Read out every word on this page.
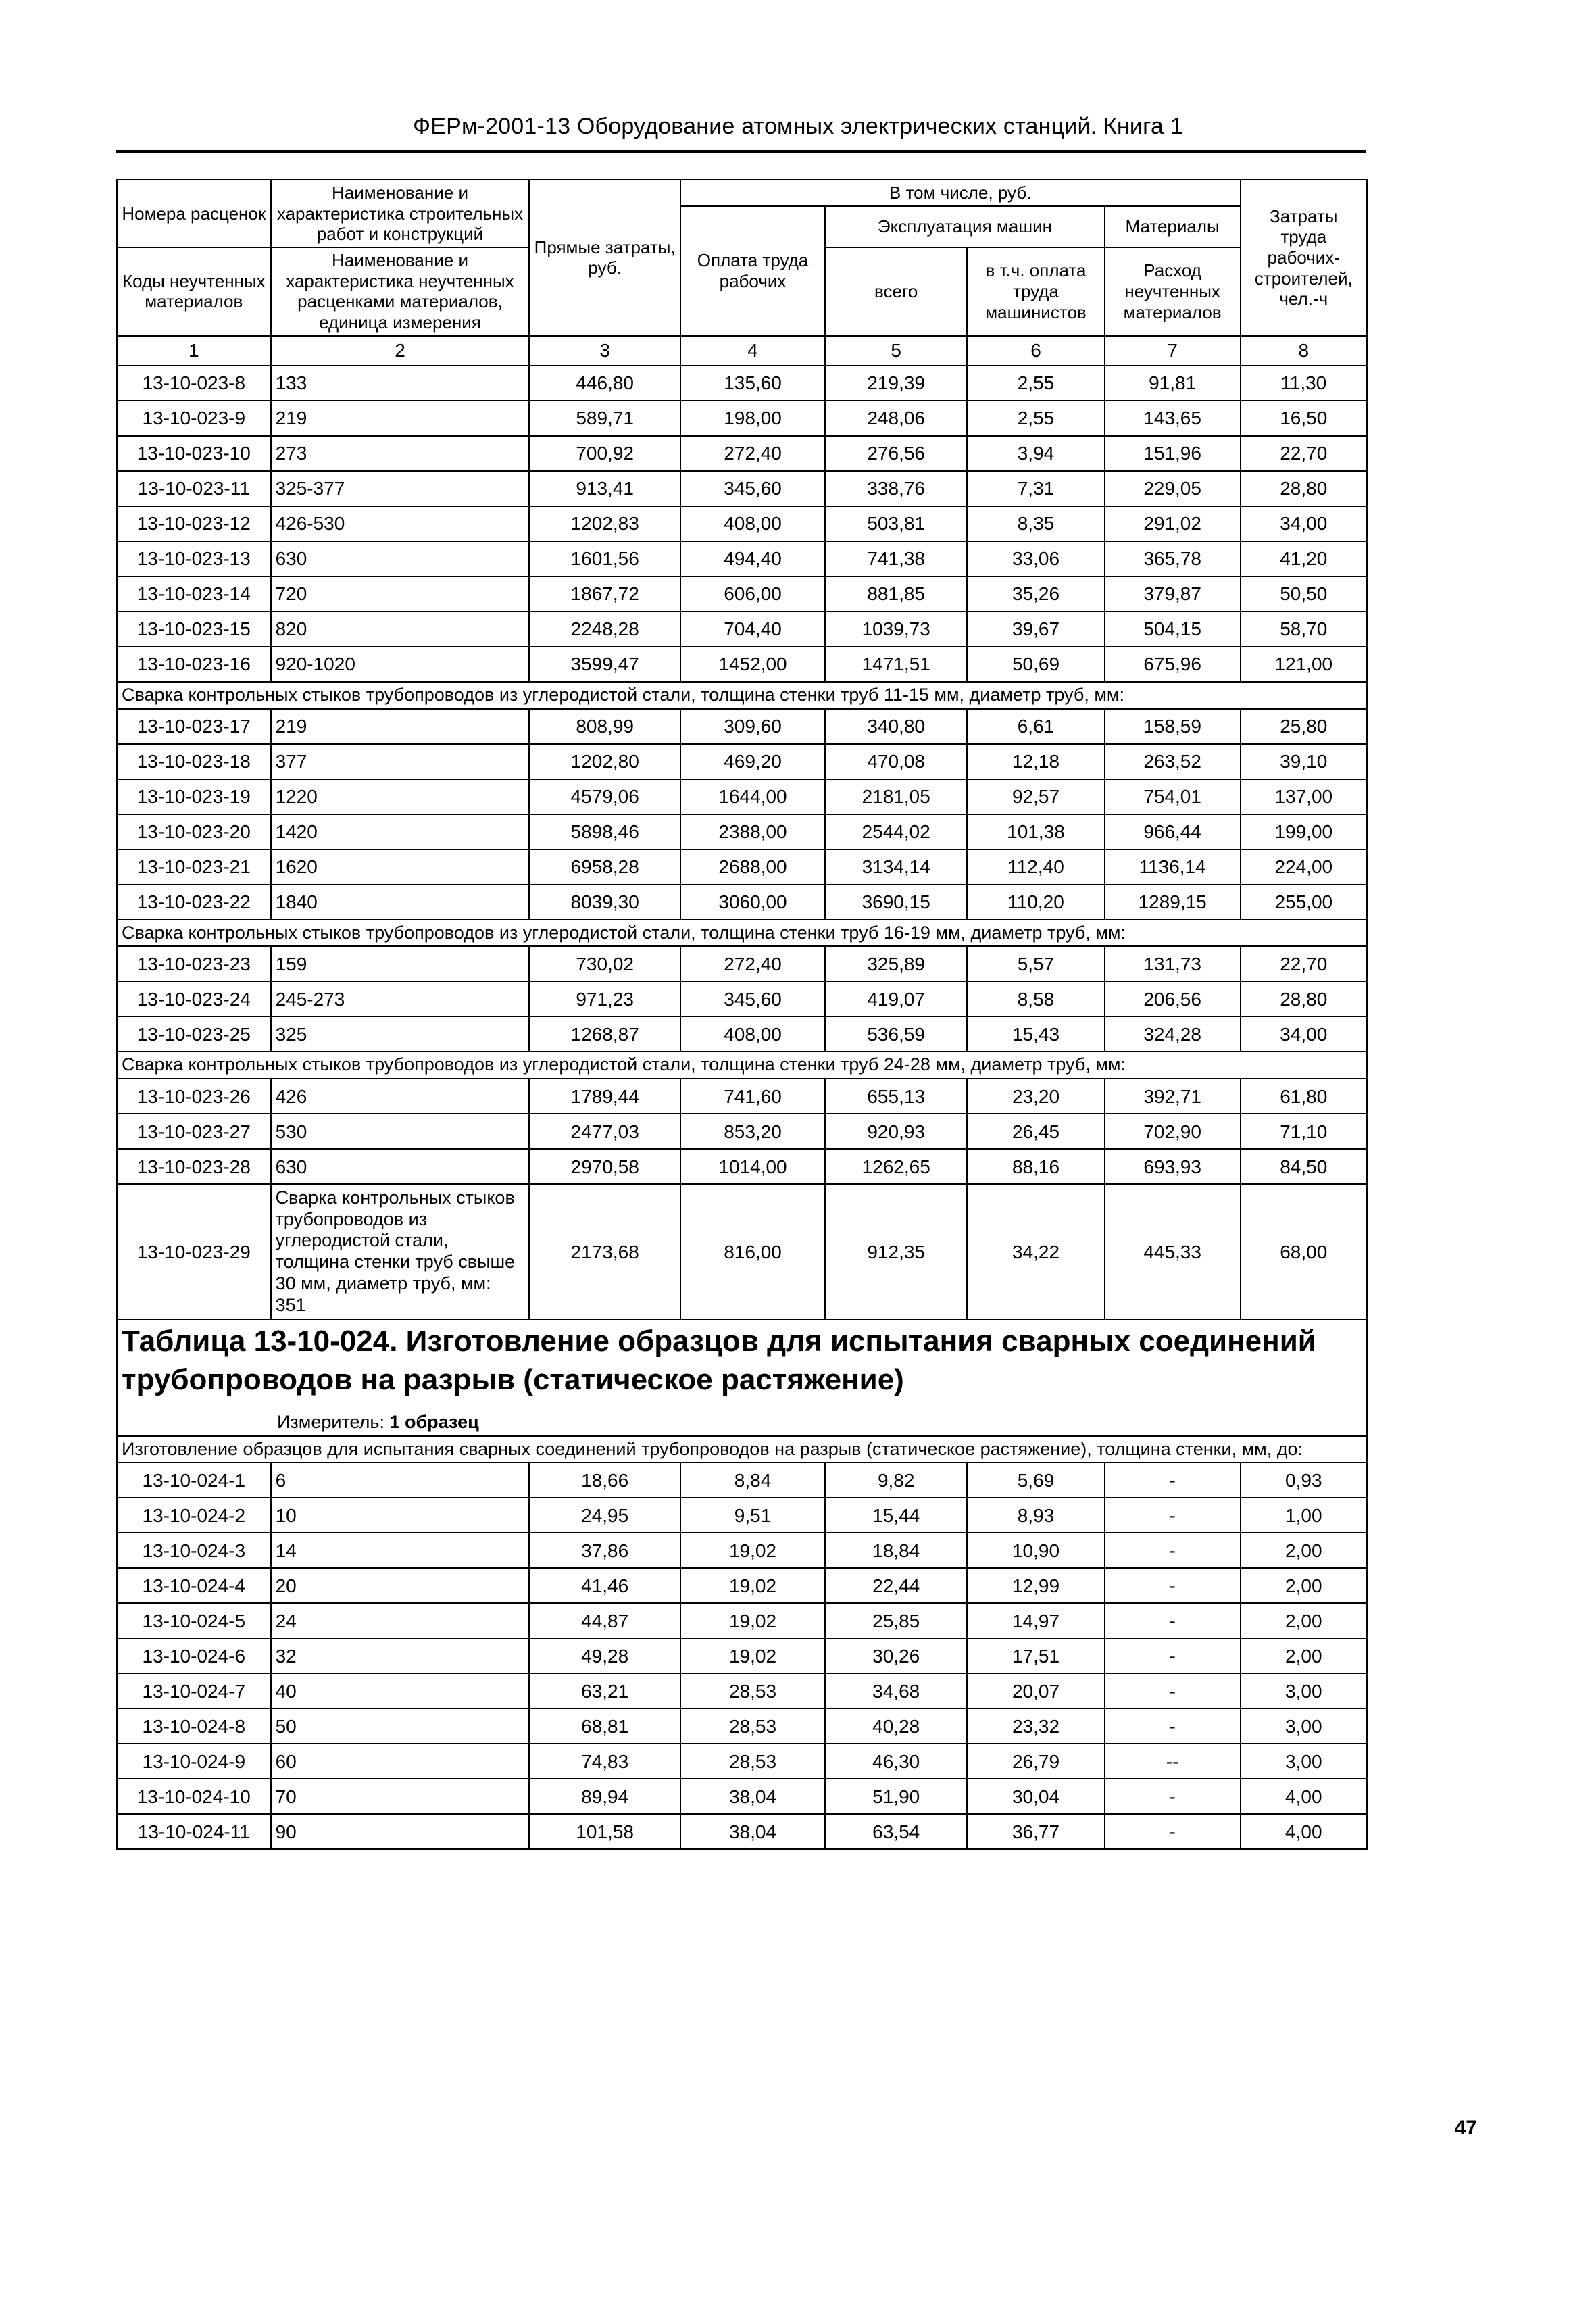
ФЕРм-2001-13 Оборудование атомных электрических станций. Книга 1
Номера расценок	Наименование и характеристика строительных работ и конструкций	Прямые затраты, руб.	В том числе, руб.				Затраты труда рабочих-строителей, чел.-ч
			Оплата труда рабочих	Эксплуатация машин		Материалы	
Коды неучтенных материалов	Наименование и характеристика неучтенных расценками материалов, единица измерения			всего	в т.ч. оплата труда машинистов		
						Расход неучтенных материалов	
1	2	3	4	5	6	7	8
13-10-023-8	133	446,80	135,60	219,39	2,55	91,81	11,30
13-10-023-9	219	589,71	198,00	248,06	2,55	143,65	16,50
13-10-023-10	273	700,92	272,40	276,56	3,94	151,96	22,70
13-10-023-11	325-377	913,41	345,60	338,76	7,31	229,05	28,80
13-10-023-12	426-530	1202,83	408,00	503,81	8,35	291,02	34,00
13-10-023-13	630	1601,56	494,40	741,38	33,06	365,78	41,20
13-10-023-14	720	1867,72	606,00	881,85	35,26	379,87	50,50
13-10-023-15	820	2248,28	704,40	1039,73	39,67	504,15	58,70
13-10-023-16	920-1020	3599,47	1452,00	1471,51	50,69	675,96	121,00
Сварка контрольных стыков трубопроводов из углеродистой стали, толщина стенки труб 11-15 мм, диаметр труб, мм:							
13-10-023-17	219	808,99	309,60	340,80	6,61	158,59	25,80
13-10-023-18	377	1202,80	469,20	470,08	12,18	263,52	39,10
13-10-023-19	1220	4579,06	1644,00	2181,05	92,57	754,01	137,00
13-10-023-20	1420	5898,46	2388,00	2544,02	101,38	966,44	199,00
13-10-023-21	1620	6958,28	2688,00	3134,14	112,40	1136,14	224,00
13-10-023-22	1840	8039,30	3060,00	3690,15	110,20	1289,15	255,00
Сварка контрольных стыков трубопроводов из углеродистой стали, толщина стенки труб 16-19 мм, диаметр труб, мм:							
13-10-023-23	159	730,02	272,40	325,89	5,57	131,73	22,70
13-10-023-24	245-273	971,23	345,60	419,07	8,58	206,56	28,80
13-10-023-25	325	1268,87	408,00	536,59	15,43	324,28	34,00
Сварка контрольных стыков трубопроводов из углеродистой стали, толщина стенки труб 24-28 мм, диаметр труб, мм:							
13-10-023-26	426	1789,44	741,60	655,13	23,20	392,71	61,80
13-10-023-27	530	2477,03	853,20	920,93	26,45	702,90	71,10
13-10-023-28	630	2970,58	1014,00	1262,65	88,16	693,93	84,50
13-10-023-29	Сварка контрольных стыков трубопроводов из углеродистой стали, толщина стенки труб свыше 30 мм, диаметр труб, мм: 351	2173,68	816,00	912,35	34,22	445,33	68,00

Таблица 13-10-024. Изготовление образцов для испытания сварных соединений трубопроводов на разрыв (статическое растяжение)
Измеритель: 1 образец							

Изготовление образцов для испытания сварных соединений трубопроводов на разрыв (статическое растяжение), толщина стенки, мм, до:							
13-10-024-1	6	18,66	8,84	9,82	5,69	-	0,93
13-10-024-2	10	24,95	9,51	15,44	8,93	-	1,00
13-10-024-3	14	37,86	19,02	18,84	10,90	-	2,00
13-10-024-4	20	41,46	19,02	22,44	12,99	-	2,00
13-10-024-5	24	44,87	19,02	25,85	14,97	-	2,00
13-10-024-6	32	49,28	19,02	30,26	17,51	-	2,00
13-10-024-7	40	63,21	28,53	34,68	20,07	-	3,00
13-10-024-8	50	68,81	28,53	40,28	23,32	-	3,00
13-10-024-9	60	74,83	28,53	46,30	26,79	--	3,00
13-10-024-10	70	89,94	38,04	51,90	30,04	-	4,00
13-10-024-11	90	101,58	38,04	63,54	36,77	-	4,00
47
